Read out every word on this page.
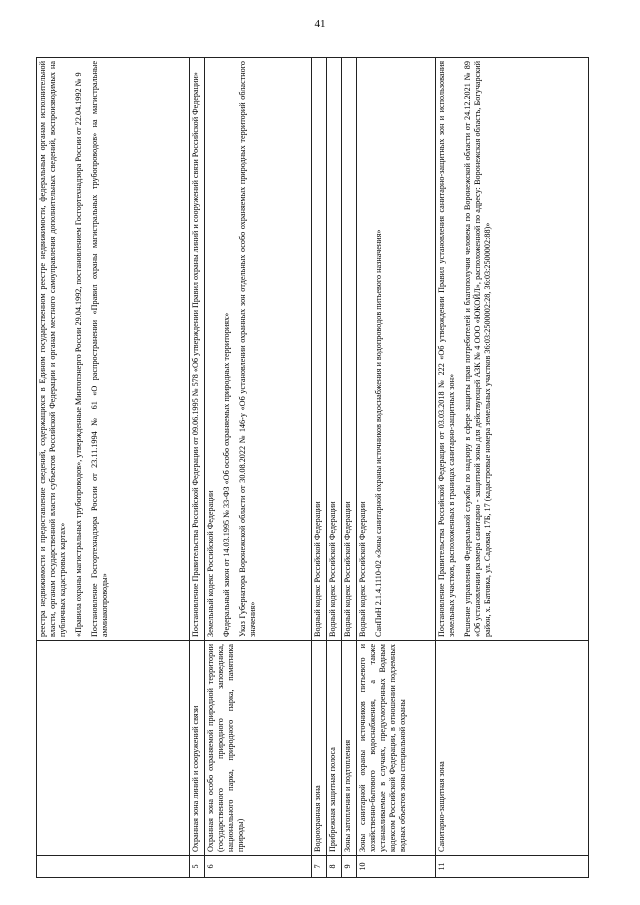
41

		реестра недвижимости и предоставление сведений, содержащихся в Едином государственном реестре недвижимости, федеральным органам исполнительной власти, органам государственной власти субъектов Российской Федерации и органам местного самоуправления дополнительных сведений, воспроизводимых на публичных кадастровых картах» «Правила охраны магистральных трубопроводов», утвержденные Минтопэнерго России 29.04.1992, постановлением Госгортехнадзора России от 22.04.1992 № 9 Постановление Госгортехнадзора России от 23.11.1994 № 61 «О распространении «Правил охраны магистральных трубопроводов» на магистральные аммиакопроводы»

5	Охранная зона линий и сооружений связи	Постановление Правительства Российской Федерации от 09.06.1995 № 578 «Об утверждении Правил охраны линий и сооружений связи Российской Федерации»

6	Охранная зона особо охраняемой природной территории (государственного природного заповедника, национального парка, природного парка, памятника природы)	Земельный кодекс Российской Федерации Федеральный закон от 14.03.1995 № 33-ФЗ «Об особо охраняемых природных территориях» Указ Губернатора Воронежской области от 30.08.2022 № 146-у «Об установлении охранных зон отдельных особо охраняемых природных территорий областного значения»

7	Водоохранная зона	Водный кодекс Российской Федерации

8	Прибрежная защитная полоса	Водный кодекс Российской Федерации

9	Зоны затопления и подтопления	Водный кодекс Российской Федерации

10	Зоны санитарной охраны источников питьевого и хозяйственно-бытового водоснабжения, а также устанавливаемые в случаях, предусмотренных Водным кодексом Российской Федерации, в отношении подземных водных объектов зоны специальной охраны	Водный кодекс Российской Федерации СанПиН 2.1.4.1110-02 «Зоны санитарной охраны источников водоснабжения и водопроводов питьевого назначения»

11	Санитарно-защитная зона	Постановление Правительства Российской Федерации от 03.03.2018 № 222 «Об утверждении Правил установления санитарно-защитных зон и использования земельных участков, расположенных в границах санитарно-защитных зон» Решение управления Федеральной службы по надзору в сфере защиты прав потребителей и благополучия человека по Воронежской области от 24.12.2021 № 89 «Об установлении размера санитарно - защитной зоны для действующей АЗК № 4 ООО «ЮКОЙЛ», расположенной по адресу: Воронежская область, Богучарский район, х. Батовка, ул. Садовая, 17Б, 17 (кадастровые номера земельных участков 36:03:2500002:28, 36:03:2500002:88)»
